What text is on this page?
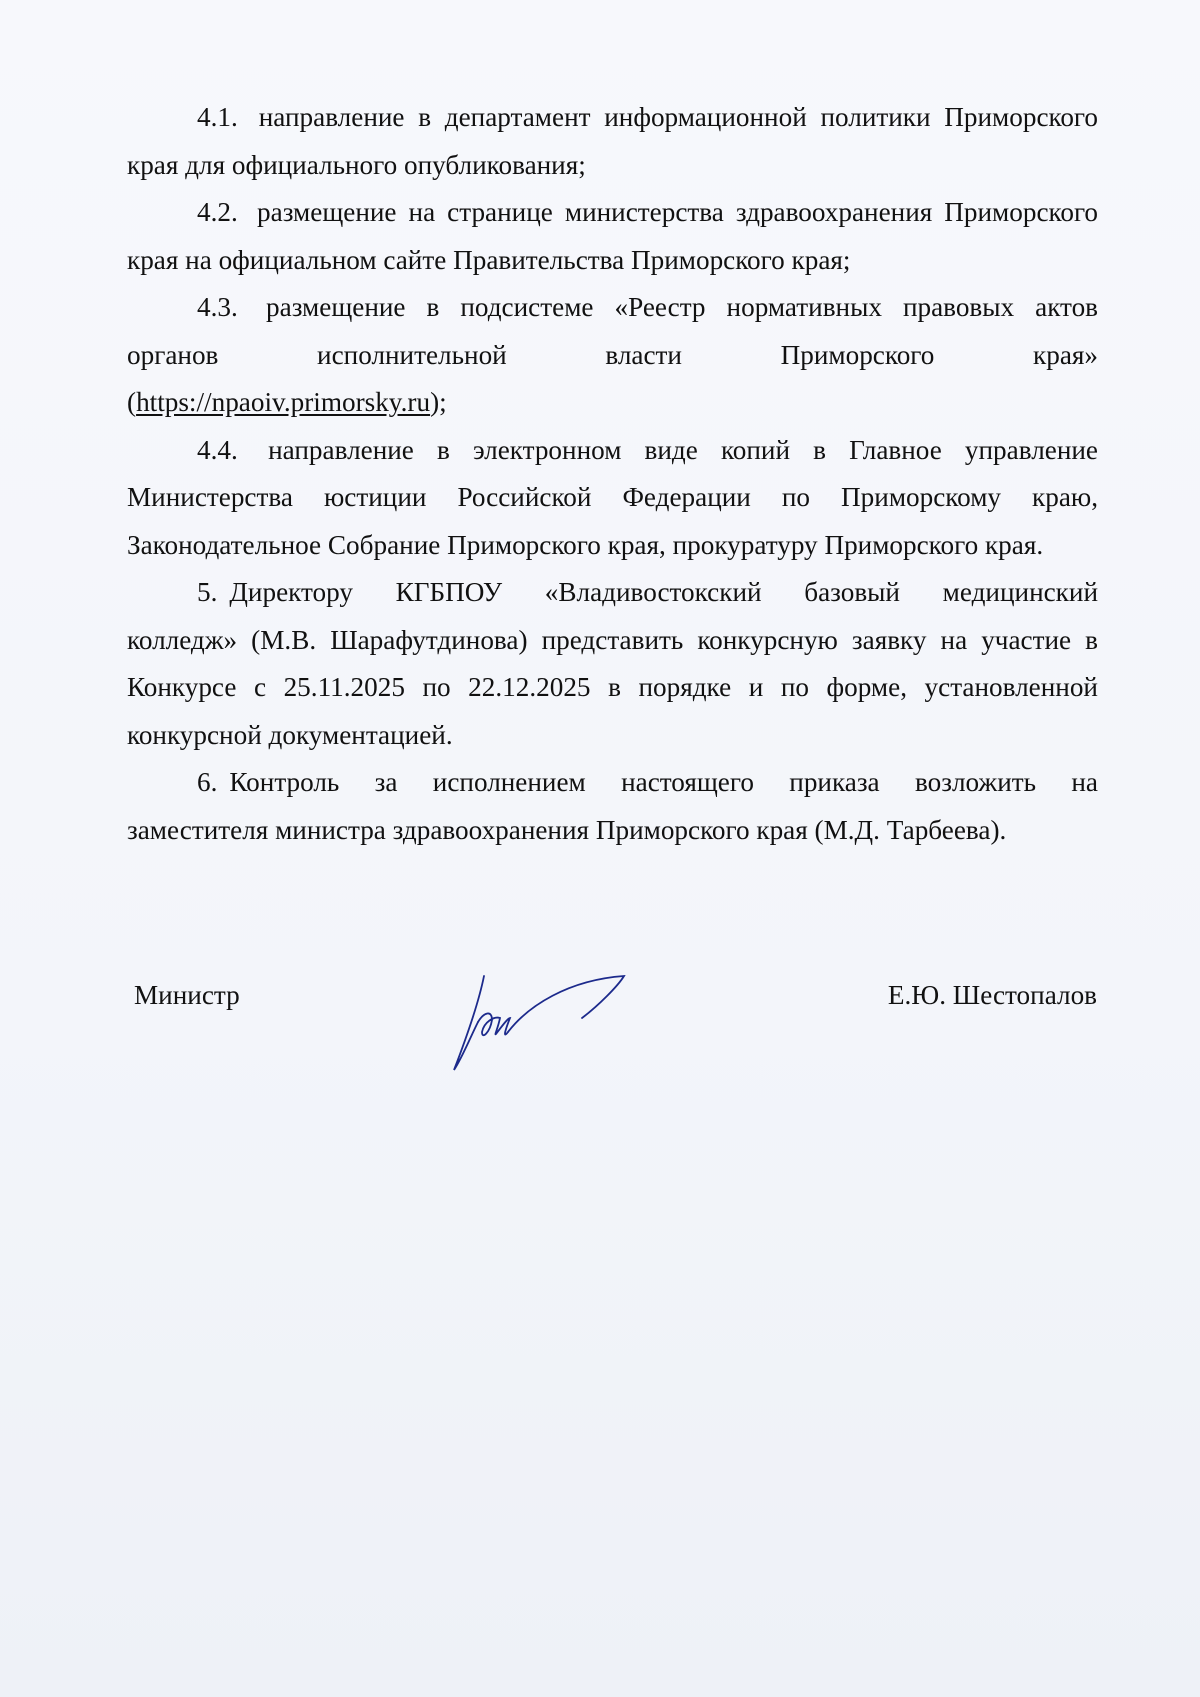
4.1. направление в департамент информационной политики Приморского
края для официального опубликования;
4.2. размещение на странице министерства здравоохранения Приморского
края на официальном сайте Правительства Приморского края;
4.3. размещение в подсистеме «Реестр нормативных правовых актов
органов исполнительной власти Приморского края»
(https://npaoiv.primorsky.ru);
4.4. направление в электронном виде копий в Главное управление
Министерства юстиции Российской Федерации по Приморскому краю,
Законодательное Собрание Приморского края, прокуратуру Приморского края.
5. Директору КГБПОУ «Владивостокский базовый медицинский
колледж» (М.В. Шарафутдинова) представить конкурсную заявку на участие в
Конкурсе с 25.11.2025 по 22.12.2025 в порядке и по форме, установленной
конкурсной документацией.
6. Контроль за исполнением настоящего приказа возложить на
заместителя министра здравоохранения Приморского края (М.Д. Тарбеева).
Министр	Е.Ю. Шестопалов
